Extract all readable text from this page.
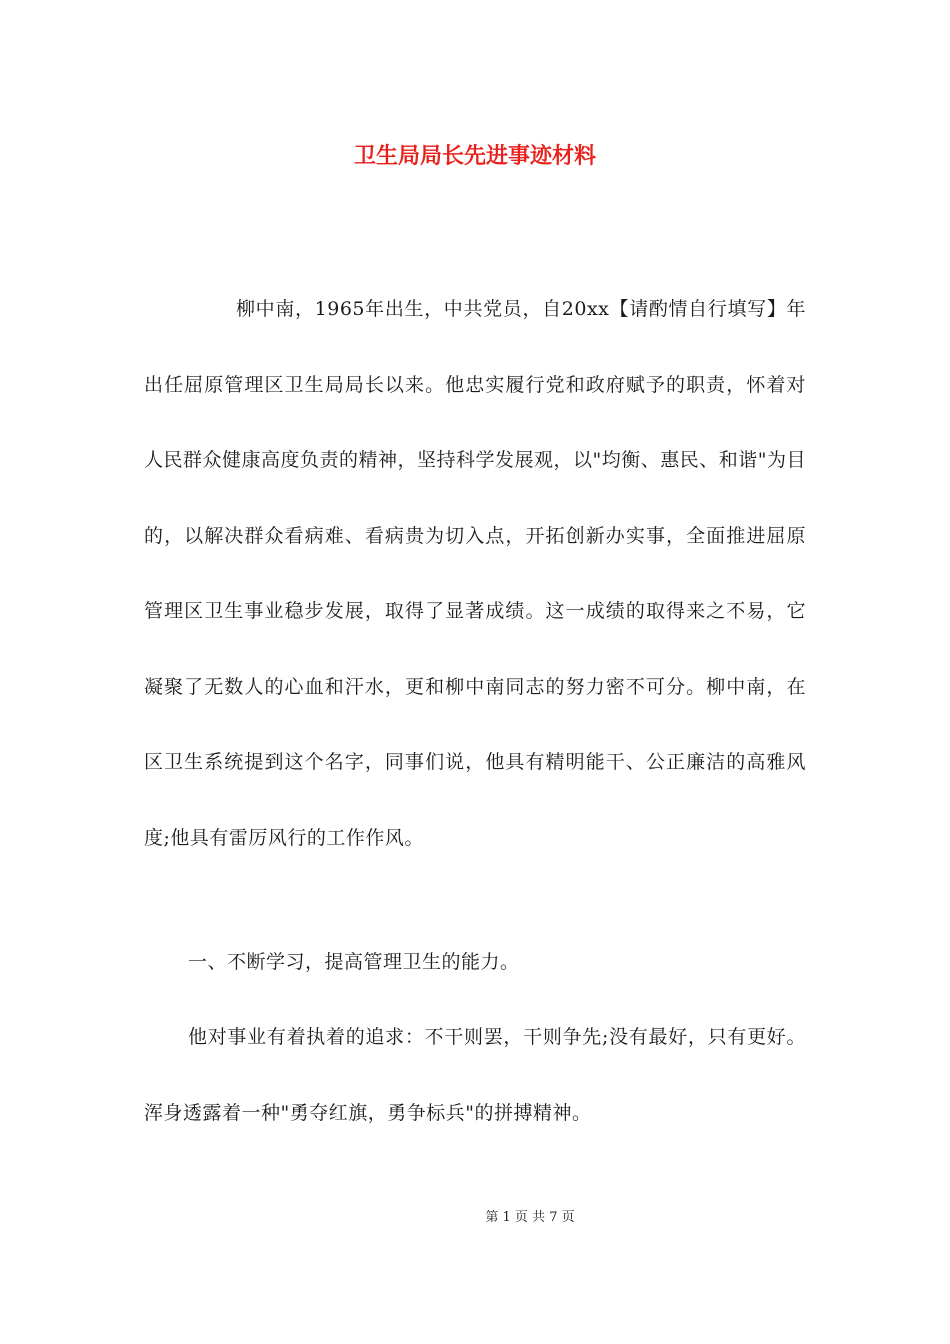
卫生局局长先进事迹材料

柳中南，1965年出生，中共党员，自20xx【请酌情自行填写】年出任屈原管理区卫生局局长以来。他忠实履行党和政府赋予的职责，怀着对人民群众健康高度负责的精神，坚持科学发展观，以"均衡、惠民、和谐"为目的，以解决群众看病难、看病贵为切入点，开拓创新办实事，全面推进屈原管理区卫生事业稳步发展，取得了显著成绩。这一成绩的取得来之不易，它凝聚了无数人的心血和汗水，更和柳中南同志的努力密不可分。柳中南，在区卫生系统提到这个名字，同事们说，他具有精明能干、公正廉洁的高雅风度;他具有雷厉风行的工作作风。

一、不断学习，提高管理卫生的能力。

他对事业有着执着的追求：不干则罢，干则争先;没有最好，只有更好。浑身透露着一种"勇夺红旗，勇争标兵"的拼搏精神。

第 1 页 共 7 页
